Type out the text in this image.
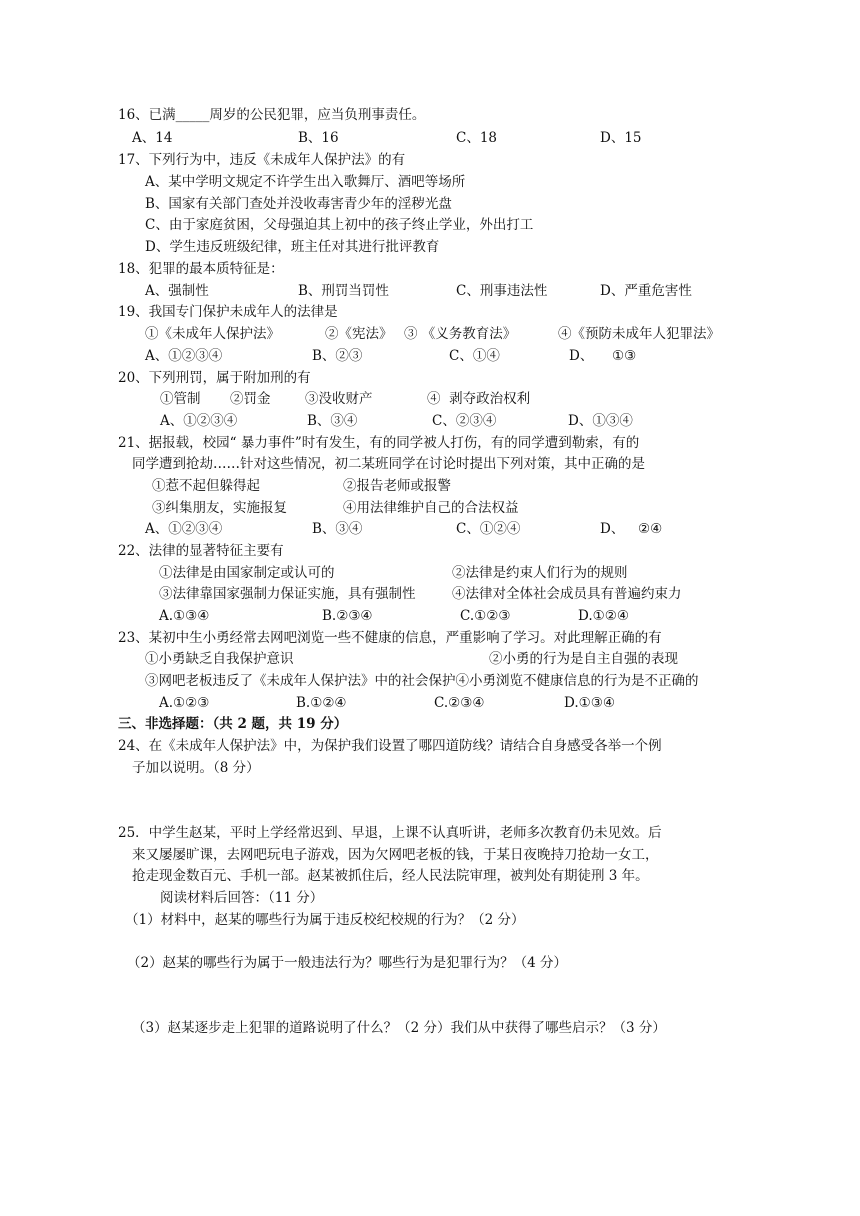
16、已满_____周岁的公民犯罪，应当负刑事责任。
A、14	B、16	C、18	D、15
17、下列行为中，违反《未成年人保护法》的有
A、某中学明文规定不许学生出入歌舞厅、酒吧等场所
B、国家有关部门查处并没收毒害青少年的淫秽光盘
C、由于家庭贫困，父母强迫其上初中的孩子终止学业，外出打工
D、学生违反班级纪律，班主任对其进行批评教育
18、犯罪的最本质特征是：
A、强制性	B、刑罚当罚性	C、刑事违法性	D、严重危害性
19、我国专门保护未成年人的法律是
①《未成年人保护法》	②《宪法》 ③ 《义务教育法》	④《预防未成年人犯罪法》
A、①②③④	B、②③	C、①④	D、 ①③
20、下列刑罚，属于附加刑的有
①管制 ②罚金	③没收财产	④  剥夺政治权利
A、①②③④	B、③④	C、②③④	D、①③④
21、据报载，校园“ 暴力事件”时有发生，有的同学被人打伤，有的同学遭到勒索，有的
同学遭到抢劫……针对这些情况，初二某班同学在讨论时提出下列对策，其中正确的是
①惹不起但躲得起	②报告老师或报警
③纠集朋友，实施报复	④用法律维护自己的合法权益
A、①②③④	B、③④	C、①②④	D、 ②④
22、法律的显著特征主要有
①法律是由国家制定或认可的	②法律是约束人们行为的规则
③法律靠国家强制力保证实施，具有强制性	④法律对全体社会成员具有普遍约束力
A.①③④	B.②③④	C.①②③	D.①②④
23、某初中生小勇经常去网吧浏览一些不健康的信息，严重影响了学习。对此理解正确的有
①小勇缺乏自我保护意识	②小勇的行为是自主自强的表现
③网吧老板违反了《未成年人保护法》中的社会保护④小勇浏览不健康信息的行为是不正确的
A.①②③	B.①②④	C.②③④	D.①③④
三、非选择题：（共 2 题，共 19 分）
24、在《未成年人保护法》中，为保护我们设置了哪四道防线？请结合自身感受各举一个例
子加以说明。（8 分）
25．中学生赵某，平时上学经常迟到、早退，上课不认真听讲，老师多次教育仍未见效。后
来又屡屡旷课，去网吧玩电子游戏，因为欠网吧老板的钱，于某日夜晚持刀抢劫一女工，
抢走现金数百元、手机一部。赵某被抓住后，经人民法院审理，被判处有期徒刑 3 年。
阅读材料后回答：（11 分）
（1）材料中，赵某的哪些行为属于违反校纪校规的行为？（2 分）
（2）赵某的哪些行为属于一般违法行为？哪些行为是犯罪行为？（4 分）
（3）赵某逐步走上犯罪的道路说明了什么？（2 分）我们从中获得了哪些启示？（3 分）
